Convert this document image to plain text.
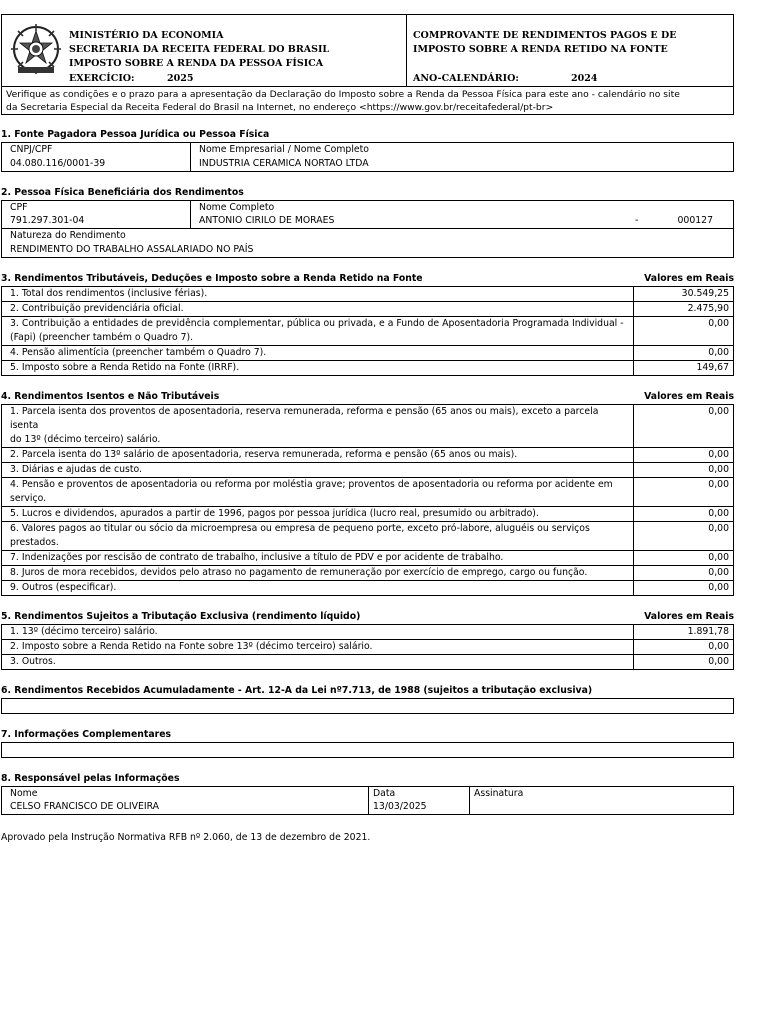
MINISTÉRIO DA ECONOMIA
SECRETARIA DA RECEITA FEDERAL DO BRASIL
IMPOSTO SOBRE A RENDA DA PESSOA FÍSICA
EXERCÍCIO:	2025
COMPROVANTE DE RENDIMENTOS PAGOS E DE
IMPOSTO SOBRE A RENDA RETIDO NA FONTE
ANO-CALENDÁRIO:	2024
Verifique as condições e o prazo para a apresentação da Declaração do Imposto sobre a Renda da Pessoa Física para este ano - calendário no site
da Secretaria Especial da Receita Federal do Brasil na Internet, no endereço <https://www.gov.br/receitafederal/pt-br>
1. Fonte Pagadora Pessoa Jurídica ou Pessoa Física
CNPJ/CPF
04.080.116/0001-39
Nome Empresarial / Nome Completo
INDUSTRIA CERAMICA NORTAO LTDA
2. Pessoa Física Beneficiária dos Rendimentos
CPF
791.297.301-04
Nome Completo
ANTONIO CIRILO DE MORAES	-	000127
Natureza do Rendimento
RENDIMENTO DO TRABALHO ASSALARIADO NO PAÍS
3. Rendimentos Tributáveis, Deduções e Imposto sobre a Renda Retido na Fonte	Valores em Reais
1. Total dos rendimentos (inclusive férias).	30.549,25
2. Contribuição previdenciária oficial.	2.475,90
3. Contribuição a entidades de previdência complementar, pública ou privada, e a Fundo de Aposentadoria Programada Individual -
(Fapi) (preencher também o Quadro 7).
0,00
4. Pensão alimentícia (preencher também o Quadro 7).	0,00
5. Imposto sobre a Renda Retido na Fonte (IRRF).	149,67
4. Rendimentos Isentos e Não Tributáveis	Valores em Reais
1. Parcela isenta dos proventos de aposentadoria, reserva remunerada, reforma e pensão (65 anos ou mais), exceto a parcela isenta
do 13º (décimo terceiro) salário.
0,00
2. Parcela isenta do 13º salário de aposentadoria, reserva remunerada, reforma e pensão (65 anos ou mais).	0,00
3. Diárias e ajudas de custo.	0,00
4. Pensão e proventos de aposentadoria ou reforma por moléstia grave; proventos de aposentadoria ou reforma por acidente em
serviço.
0,00
5. Lucros e dividendos, apurados a partir de 1996, pagos por pessoa jurídica (lucro real, presumido ou arbitrado).	0,00
6. Valores pagos ao titular ou sócio da microempresa ou empresa de pequeno porte, exceto pró-labore, aluguéis ou serviços prestados.
0,00
7. Indenizações por rescisão de contrato de trabalho, inclusive a título de PDV e por acidente de trabalho.	0,00
8. Juros de mora recebidos, devidos pelo atraso no pagamento de remuneração por exercício de emprego, cargo ou função.	0,00
9. Outros (especificar).	0,00
5. Rendimentos Sujeitos a Tributação Exclusiva (rendimento líquido)	Valores em Reais
1. 13º (décimo terceiro) salário.	1.891,78
2. Imposto sobre a Renda Retido na Fonte sobre 13º (décimo terceiro) salário.	0,00
3. Outros.	0,00
6. Rendimentos Recebidos Acumuladamente - Art. 12-A da Lei nº7.713, de 1988 (sujeitos a tributação exclusiva)
7. Informações Complementares
8. Responsável pelas Informações
Nome
CELSO FRANCISCO DE OLIVEIRA
Data
13/03/2025
Assinatura
Aprovado pela Instrução Normativa RFB nº 2.060, de 13 de dezembro de 2021.
